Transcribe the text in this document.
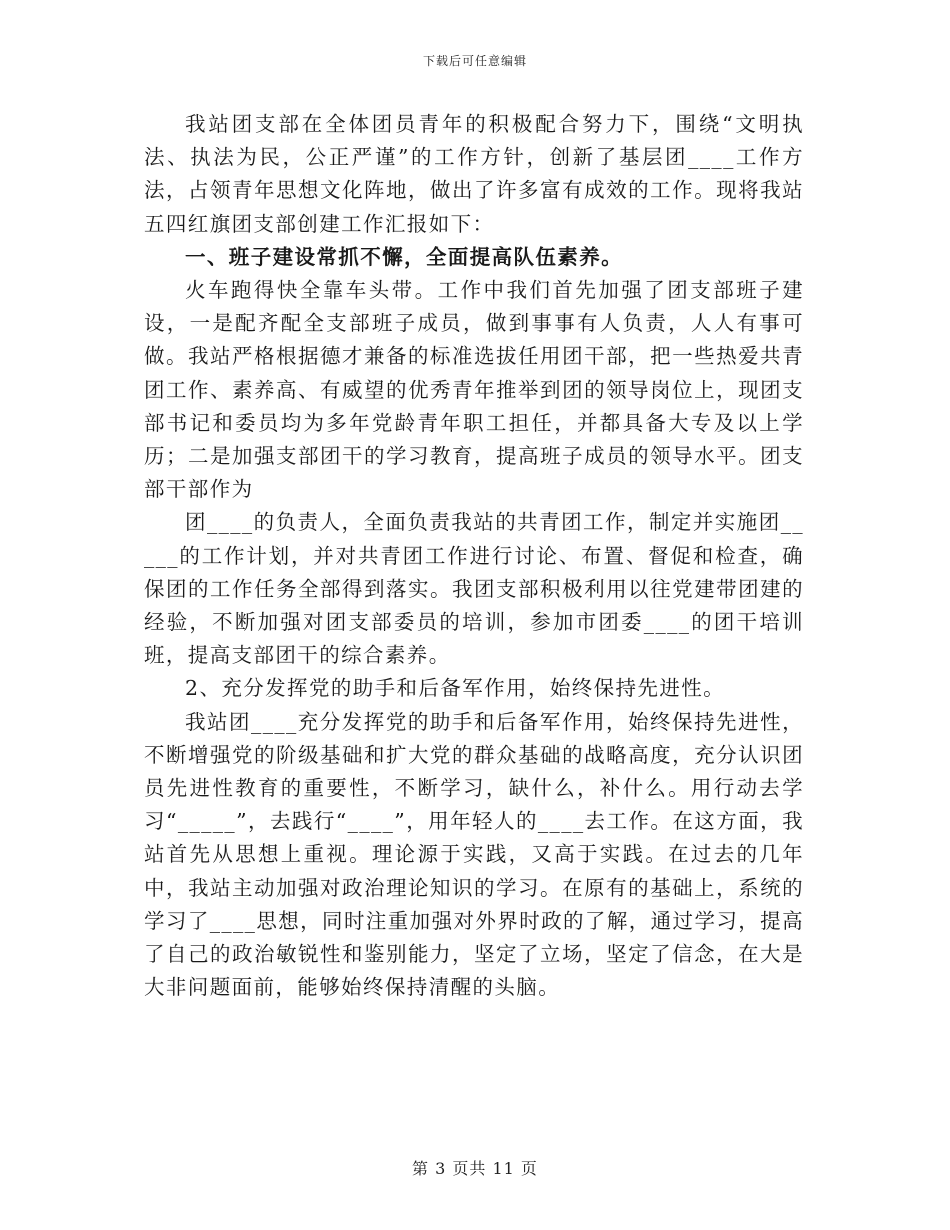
下载后可任意编辑

我站团支部在全体团员青年的积极配合努力下，围绕“文明执法、执法为民，公正严谨”的工作方针，创新了基层团____工作方法，占领青年思想文化阵地，做出了许多富有成效的工作。现将我站五四红旗团支部创建工作汇报如下：

一、班子建设常抓不懈，全面提高队伍素养。

火车跑得快全靠车头带。工作中我们首先加强了团支部班子建设，一是配齐配全支部班子成员，做到事事有人负责，人人有事可做。我站严格根据德才兼备的标准选拔任用团干部，把一些热爱共青团工作、素养高、有威望的优秀青年推举到团的领导岗位上，现团支部书记和委员均为多年党龄青年职工担任，并都具备大专及以上学历；二是加强支部团干的学习教育，提高班子成员的领导水平。团支部干部作为

团____的负责人，全面负责我站的共青团工作，制定并实施团_____的工作计划，并对共青团工作进行讨论、布置、督促和检查，确保团的工作任务全部得到落实。我团支部积极利用以往党建带团建的经验，不断加强对团支部委员的培训，参加市团委____的团干培训班，提高支部团干的综合素养。

2、充分发挥党的助手和后备军作用，始终保持先进性。

我站团____充分发挥党的助手和后备军作用，始终保持先进性，不断增强党的阶级基础和扩大党的群众基础的战略高度，充分认识团员先进性教育的重要性，不断学习，缺什么，补什么。用行动去学习“_____”，去践行“____”，用年轻人的____去工作。在这方面，我站首先从思想上重视。理论源于实践，又高于实践。在过去的几年中，我站主动加强对政治理论知识的学习。在原有的基础上，系统的学习了____思想，同时注重加强对外界时政的了解，通过学习，提高了自己的政治敏锐性和鉴别能力，坚定了立场，坚定了信念，在大是大非问题面前，能够始终保持清醒的头脑。

第 3 页共 11 页
